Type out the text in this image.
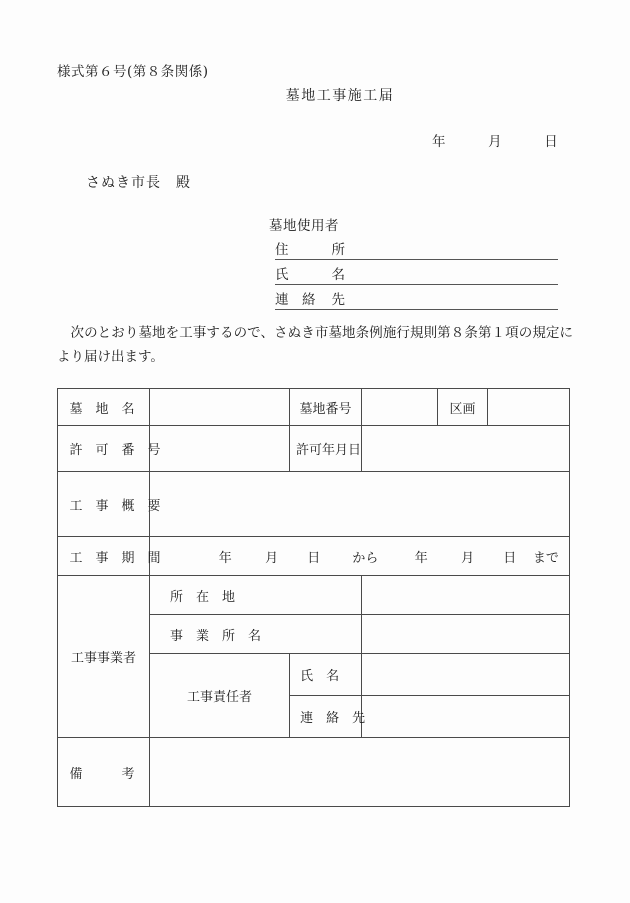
様式第６号(第８条関係)
墓地工事施工届
年	月	日
さぬき市長　殿
墓地使用者
住	所
氏	名
連　絡 先
次のとおり墓地を工事するので、さぬき市墓地条例施行規則第８条第１項の規定により届け出ます。
墓　地　名		墓地番号		区画	

許　可　番　号		許可年月日			

工　事　概　要					

工　事　期　間	年	月	日	から	年	月	日	まで

工事事業者	所　在　地				

事　業　所　名				

	工事責任者	氏　名			

連　絡　先			

備　　　考					
